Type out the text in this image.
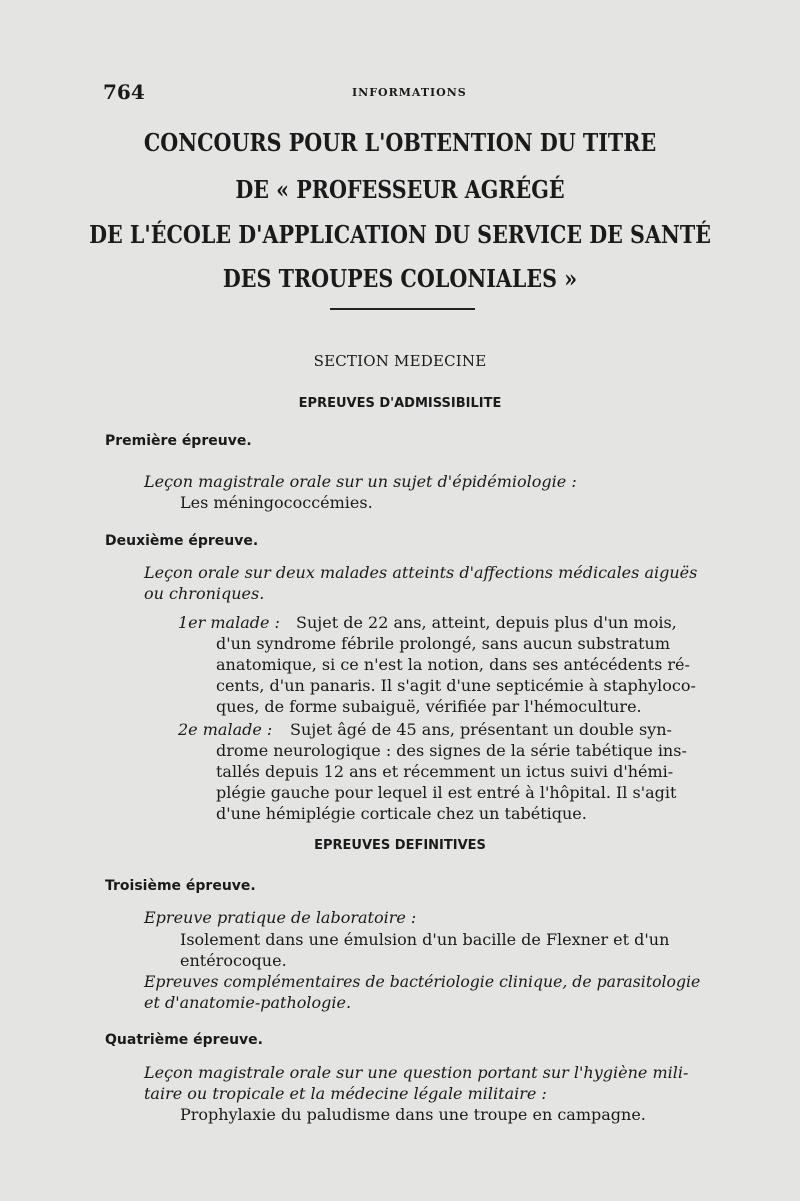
764	INFORMATIONS
CONCOURS POUR L'OBTENTION DU TITRE
DE « PROFESSEUR AGRÉGÉ
DE L'ÉCOLE D'APPLICATION DU SERVICE DE SANTÉ
DES TROUPES COLONIALES »
SECTION MEDECINE
EPREUVES D'ADMISSIBILITE
Première épreuve.
Leçon magistrale orale sur un sujet d'épidémiologie :
Les méningococcémies.
Deuxième épreuve.
Leçon orale sur deux malades atteints d'affections médicales aiguës
ou chroniques.
1er malade : Sujet de 22 ans, atteint, depuis plus d'un mois,
d'un syndrome fébrile prolongé, sans aucun substratum
anatomique, si ce n'est la notion, dans ses antécédents ré-
cents, d'un panaris. Il s'agit d'une septicémie à staphyloco-
ques, de forme subaiguë, vérifiée par l'hémoculture.
2e malade : Sujet âgé de 45 ans, présentant un double syn-
drome neurologique : des signes de la série tabétique ins-
tallés depuis 12 ans et récemment un ictus suivi d'hémi-
plégie gauche pour lequel il est entré à l'hôpital. Il s'agit
d'une hémiplégie corticale chez un tabétique.
EPREUVES DEFINITIVES
Troisième épreuve.
Epreuve pratique de laboratoire :
Isolement dans une émulsion d'un bacille de Flexner et d'un
entérocoque.
Epreuves complémentaires de bactériologie clinique, de parasitologie
et d'anatomie-pathologie.
Quatrième épreuve.
Leçon magistrale orale sur une question portant sur l'hygiène mili-
taire ou tropicale et la médecine légale militaire :
Prophylaxie du paludisme dans une troupe en campagne.
